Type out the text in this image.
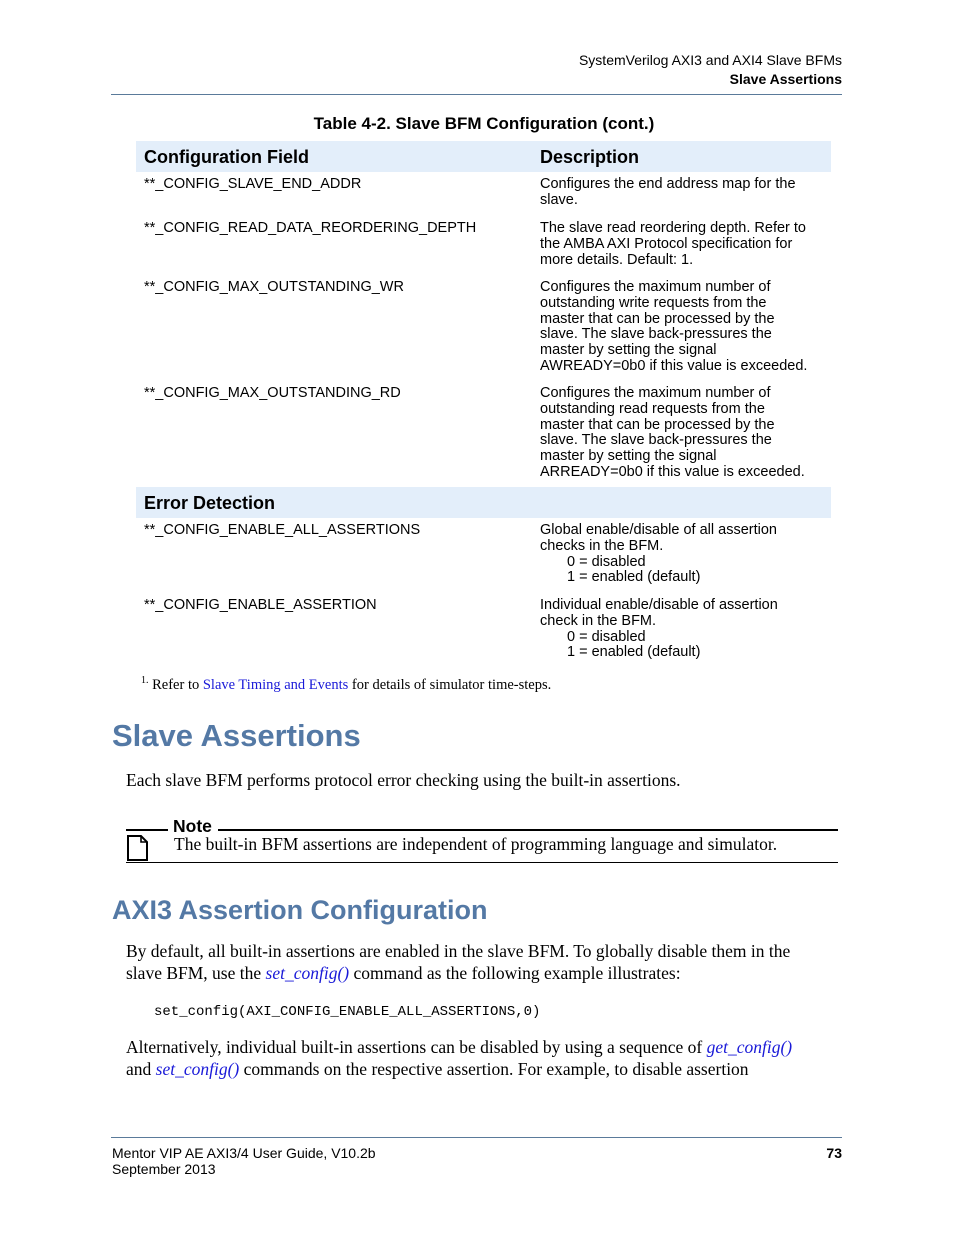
SystemVerilog AXI3 and AXI4 Slave BFMs
Slave Assertions
Table 4-2. Slave BFM Configuration (cont.)
Configuration Field	Description
**_CONFIG_SLAVE_END_ADDR	Configures the end address map for the
slave.
**_CONFIG_READ_DATA_REORDERING_DEPTH	The slave read reordering depth. Refer to
the AMBA AXI Protocol specification for
more details. Default: 1.
**_CONFIG_MAX_OUTSTANDING_WR	Configures the maximum number of
outstanding write requests from the
master that can be processed by the
slave. The slave back-pressures the
master by setting the signal
AWREADY=0b0 if this value is exceeded.
**_CONFIG_MAX_OUTSTANDING_RD	Configures the maximum number of
outstanding read requests from the
master that can be processed by the
slave. The slave back-pressures the
master by setting the signal
ARREADY=0b0 if this value is exceeded.
Error Detection
**_CONFIG_ENABLE_ALL_ASSERTIONS	Global enable/disable of all assertion
checks in the BFM.
0 = disabled
1 = enabled (default)
**_CONFIG_ENABLE_ASSERTION	Individual enable/disable of assertion
check in the BFM.
0 = disabled
1 = enabled (default)
$^{1.}$ Refer to Slave Timing and Events for details of simulator time-steps.
Slave Assertions
Each slave BFM performs protocol error checking using the built-in assertions.
Note
The built-in BFM assertions are independent of programming language and simulator.
AXI3 Assertion Configuration
By default, all built-in assertions are enabled in the slave BFM. To globally disable them in the
slave BFM, use the set_config() command as the following example illustrates:
set_config(AXI_CONFIG_ENABLE_ALL_ASSERTIONS,0)
Alternatively, individual built-in assertions can be disabled by using a sequence of get_config()
and set_config() commands on the respective assertion. For example, to disable assertion
Mentor VIP AE AXI3/4 User Guide, V10.2b
September 2013
73
